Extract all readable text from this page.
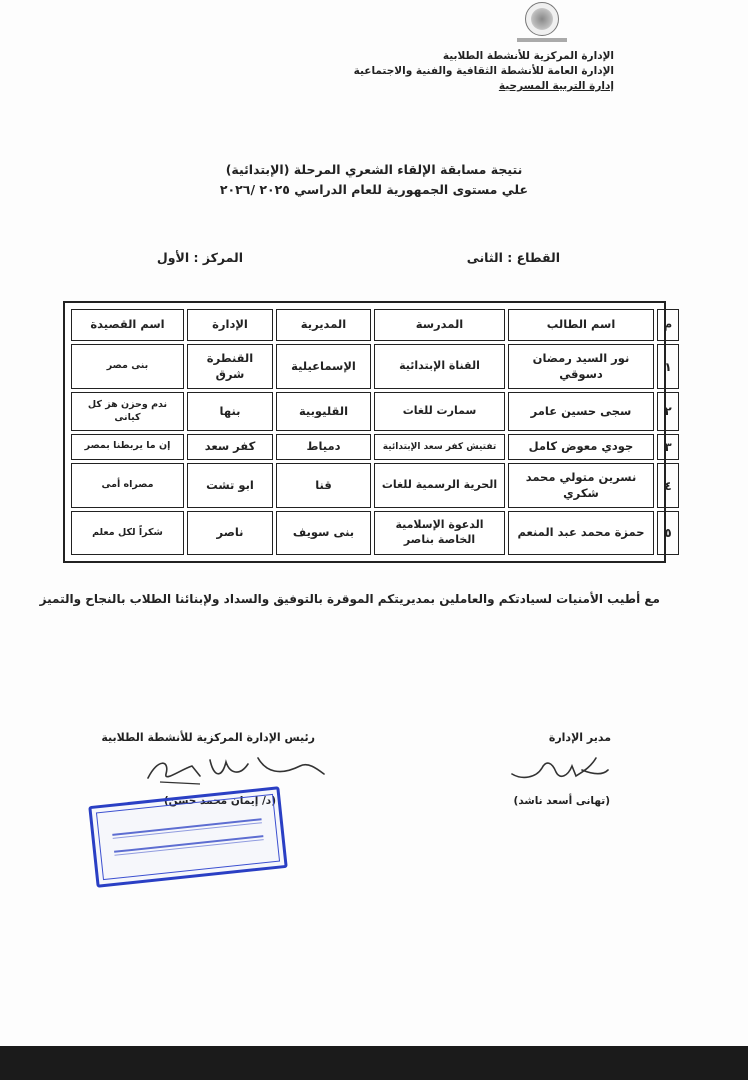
الإدارة المركزية للأنشطة الطلابية
الإدارة العامة للأنشطة الثقافية والفنية والاجتماعية
إدارة التربية المسرحية
نتيجة مسابقة الإلقاء الشعري المرحلة (الإبتدائية)
علي مستوى الجمهورية للعام الدراسي ٢٠٢٥ /٢٠٢٦
القطاع : الثانى
المركز : الأول
م	اسم الطالب	المدرسة	المديرية	الإدارة	اسم القصيدة
١	نور السيد رمضان دسوقي	القناة الإبتدائية	الإسماعيلية	القنطرة شرق	بنى مصر
٢	سجى حسين عامر	سمارت للغات	القليوبية	بنها	ندم وحزن هز كل كيانى
٣	جودي معوض كامل	تفتيش كفر سعد الإبتدائية	دمياط	كفر سعد	إن ما يربطنا بمصر
٤	نسرين متولي محمد شكري	الحرية الرسمية للغات	قنا	ابو تشت	مصراه أمى
٥	حمزة محمد عبد المنعم	الدعوة الإسلامية الخاصة بناصر	بنى سويف	ناصر	شكراً لكل معلم
مع أطيب الأمنيات لسيادتكم والعاملين بمديريتكم الموقرة بالتوفيق والسداد ولإبنائنا الطلاب بالنجاح والتميز
رئيس الإدارة المركزية للأنشطة الطلابية	مدير الإدارة
(د/ إيمان محمد حسن)	(تهانى أسعد ناشد)
